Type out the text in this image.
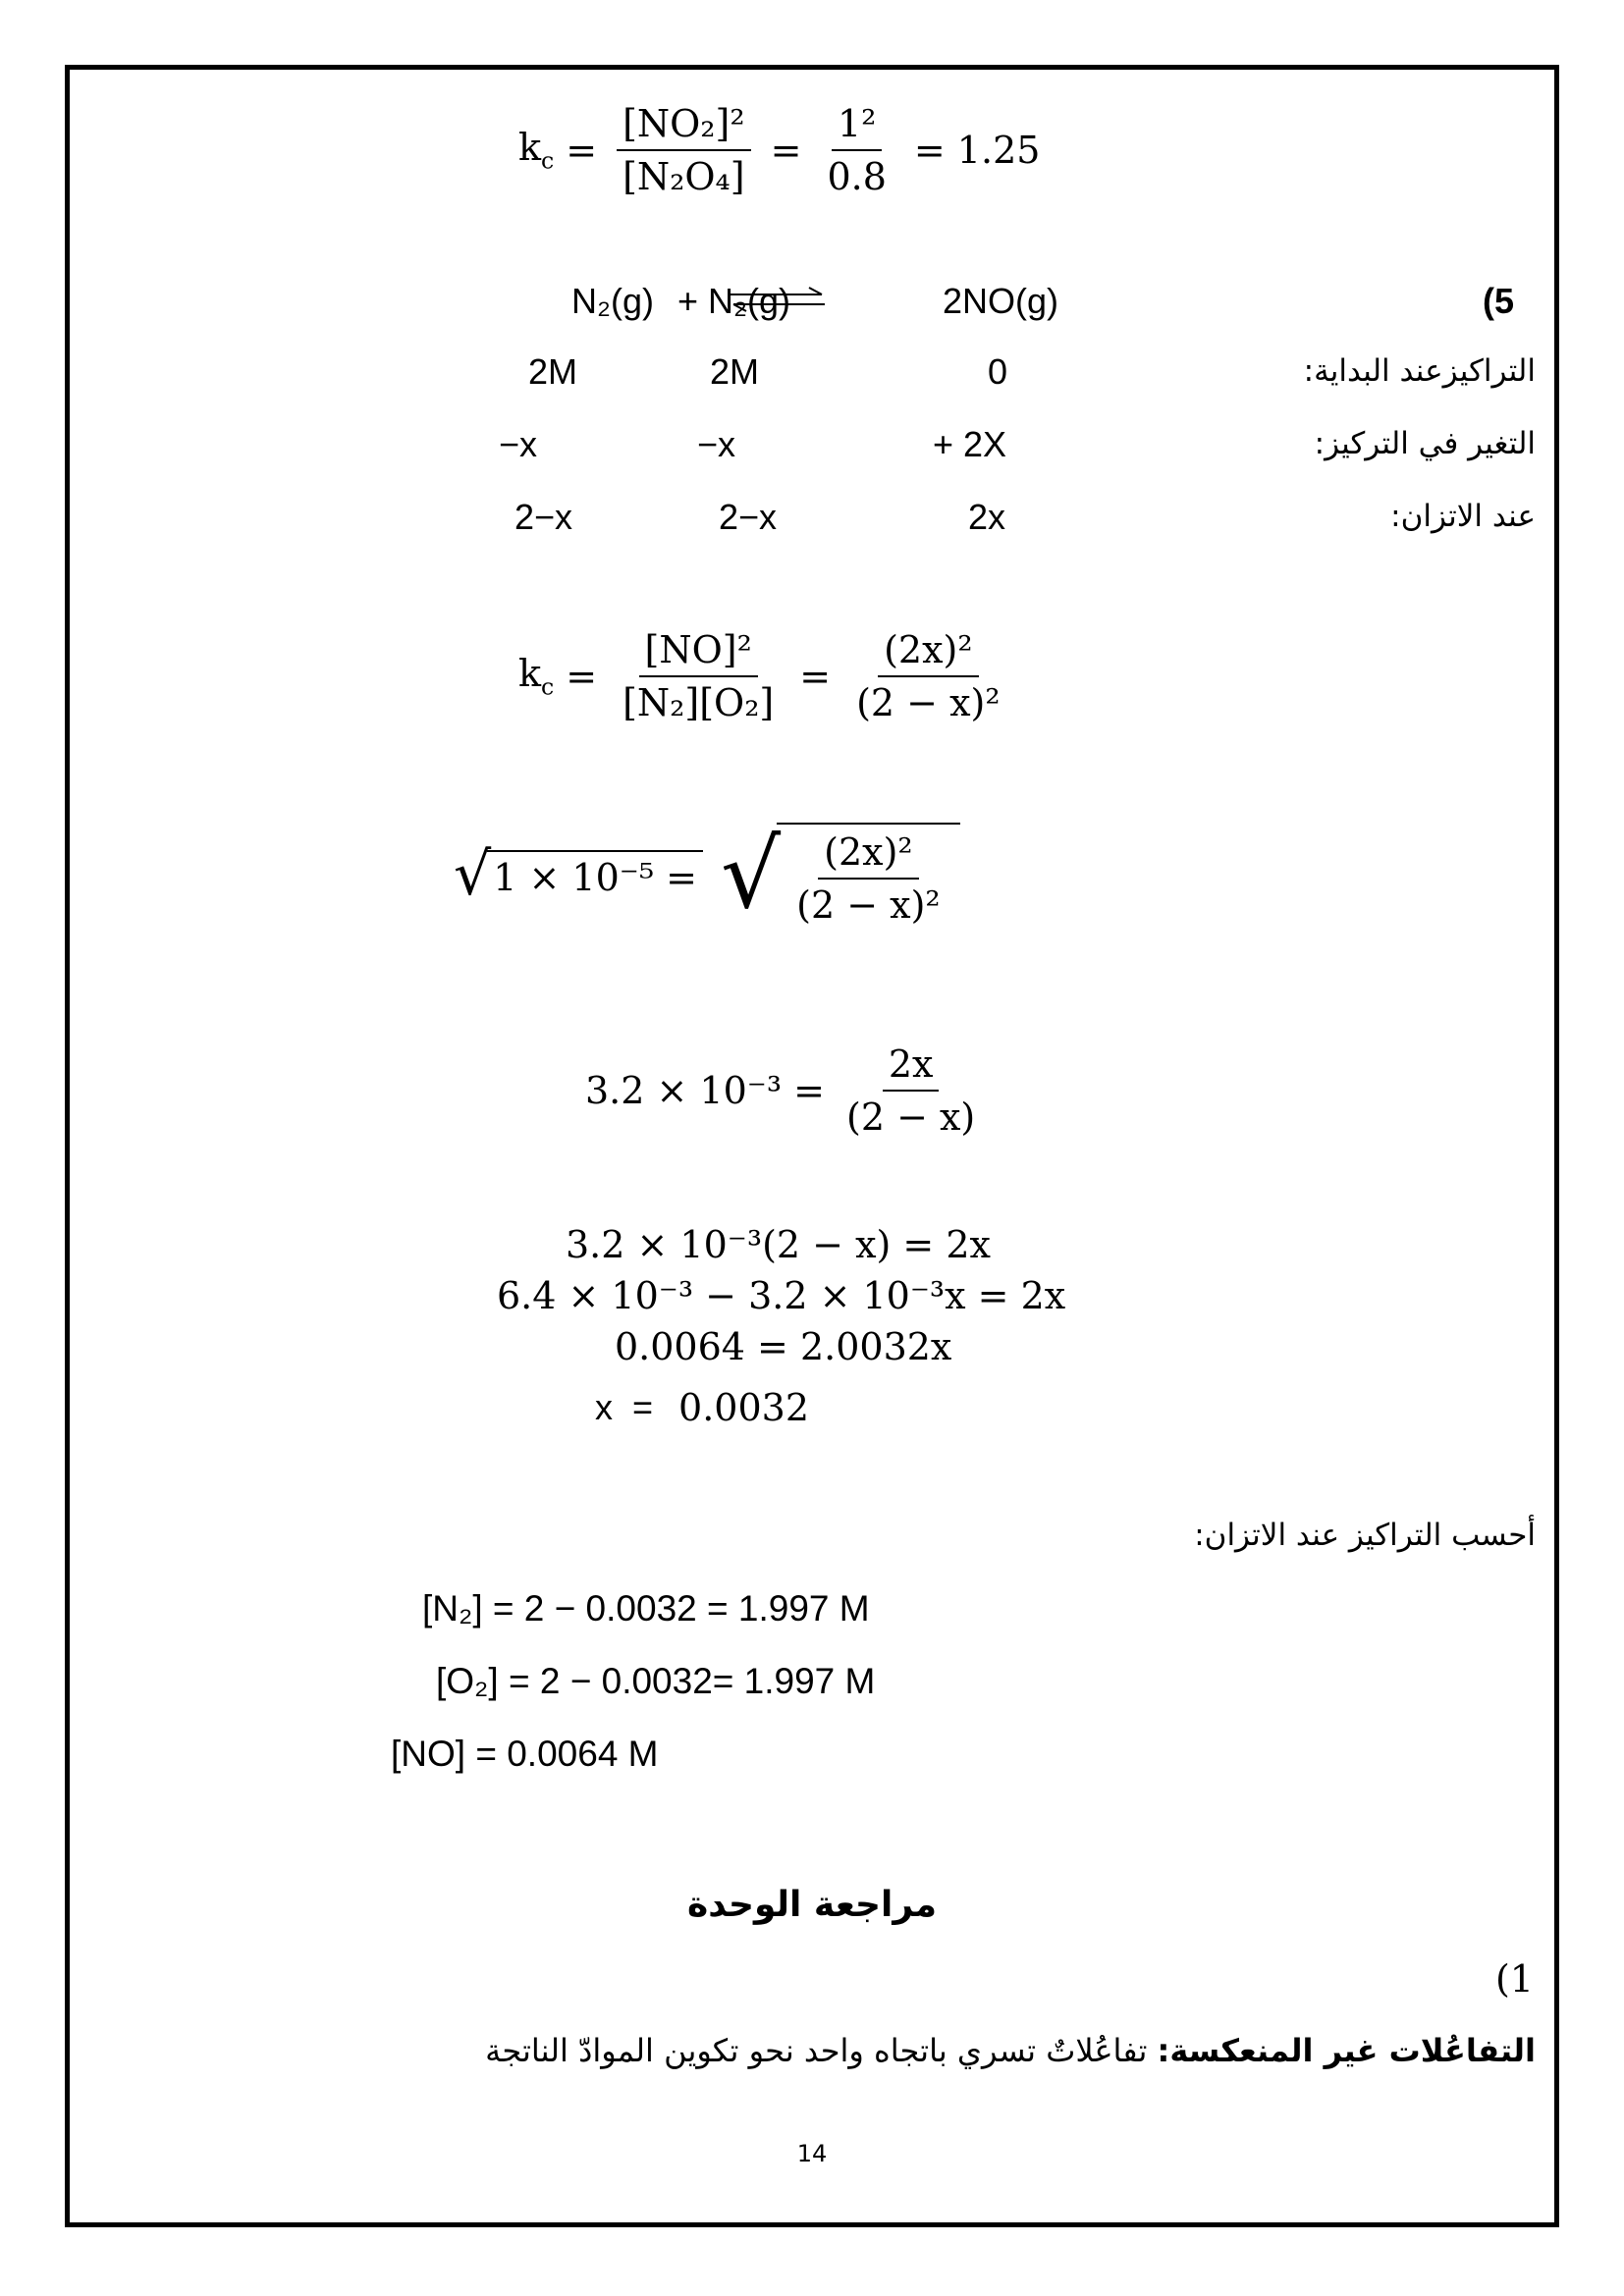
$k_c = \frac{\text{[NO₂]²}}{\text{[N₂O₄]}} = \frac{\text{1²}}{0.8} = 1.25$
(5
N₂(g) + N₂(g)	2NO(g)
التراكيزعند البداية:
2M	2M	0
التغير في التركيز:
−x	−x	+ 2X
عند الاتزان:
2−x	2−x	2x
$k_c = \frac{\text{[NO]²}}{\text{[N₂][O₂]}} = \frac{\text{(2x)²}}{\text{(2 − x)²}}$
√ 1 × 10⁻⁵ = √ $\frac{\text{(2x)²}}{\text{(2 − x)²}}$
$3.2 \times 10^{-3} = \frac{2x}{(2 - x)}$
3.2 × 10⁻³(2 − x) = 2x
6.4 × 10⁻³ − 3.2 × 10⁻³x = 2x
0.0064 = 2.0032x
x  = 0.0032
أحسب التراكيز عند الاتزان:
[N₂] = 2 − 0.0032 = 1.997 M
[O₂] = 2 − 0.0032= 1.997 M
[NO] = 0.0064 M
مراجعة الوحدة
(1
التفاعُلات غير المنعكسة: تفاعُلاتٌ تسري باتجاه واحد نحو تكوين الموادّ الناتجة
14
